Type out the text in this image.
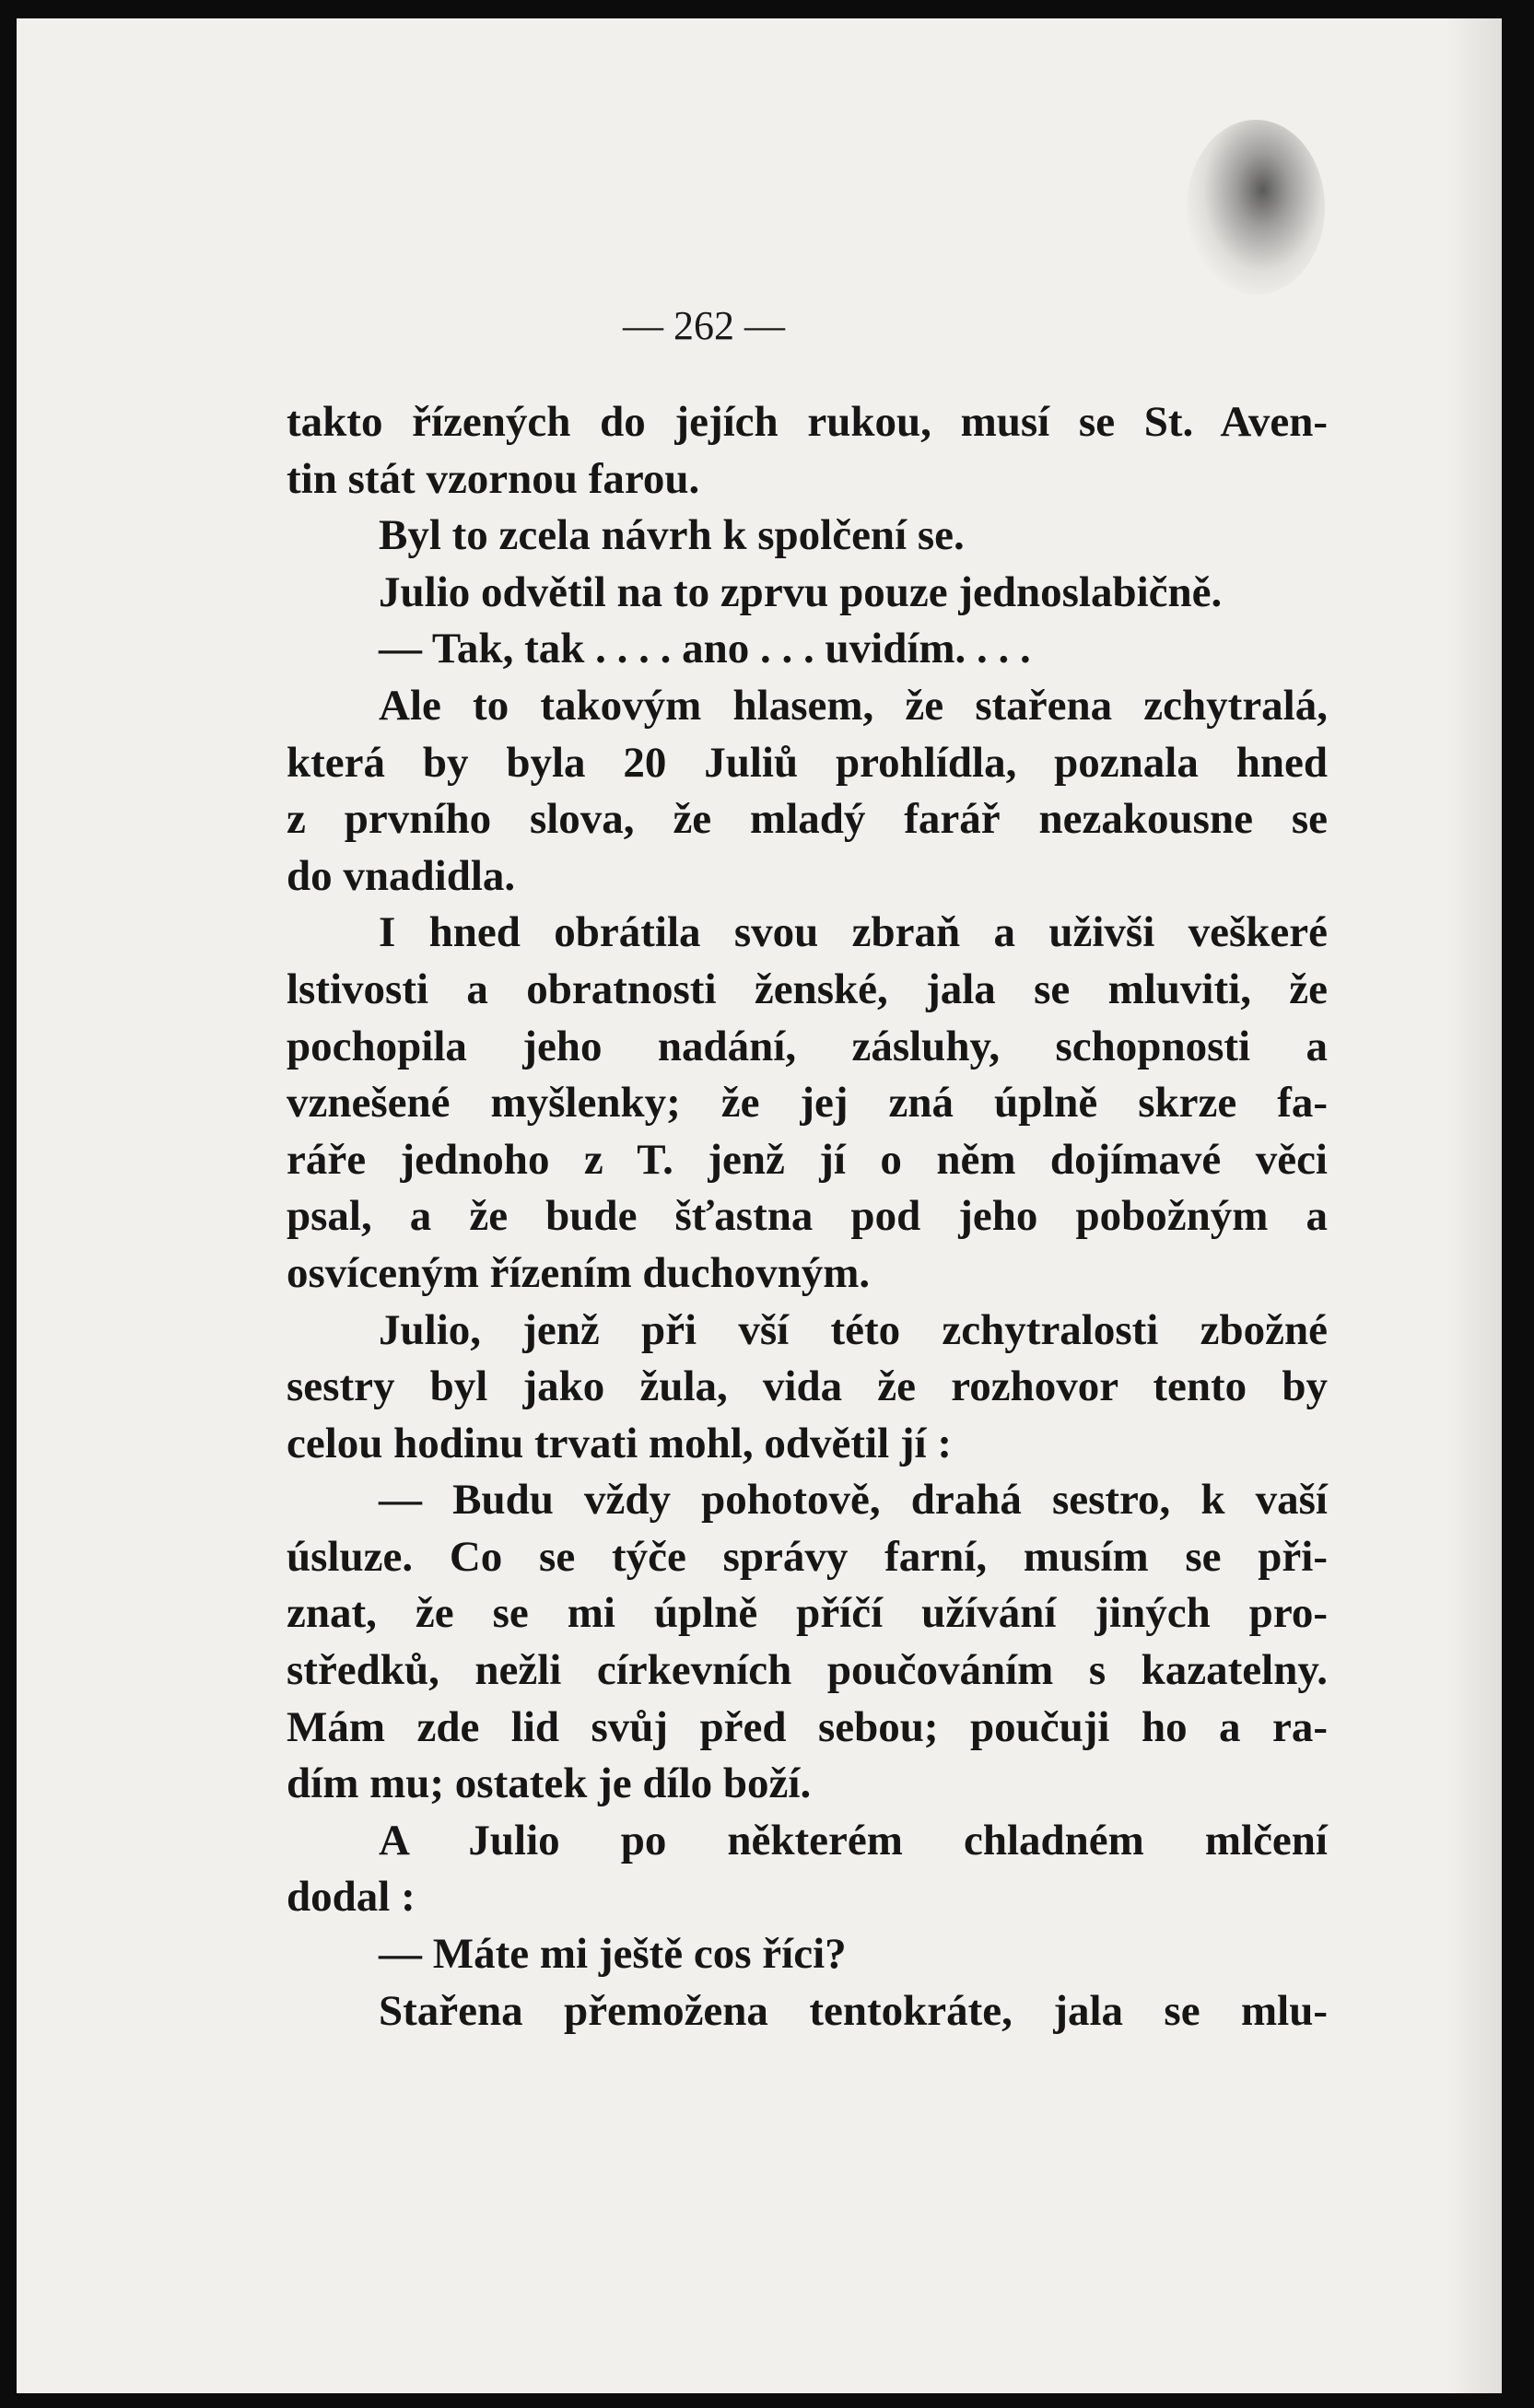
— 262 —
takto řízených do jejích rukou, musí se St. Aven-
tin stát vzornou farou.
Byl to zcela návrh k spolčení se.
Julio odvětil na to zprvu pouze jednoslabičně.
— Tak, tak . . . . ano . . . uvidím. . . .
Ale to takovým hlasem, že stařena zchytralá,
která by byla 20 Juliů prohlídla, poznala hned
z prvního slova, že mladý farář nezakousne se
do vnadidla.
I hned obrátila svou zbraň a uživši veškeré
lstivosti a obratnosti ženské, jala se mluviti, že
pochopila jeho nadání, zásluhy, schopnosti a
vznešené myšlenky; že jej zná úplně skrze fa-
ráře jednoho z T. jenž jí o něm dojímavé věci
psal, a že bude šťastna pod jeho pobožným a
osvíceným řízením duchovným.
Julio, jenž při vší této zchytralosti zbožné
sestry byl jako žula, vida že rozhovor tento by
celou hodinu trvati mohl, odvětil jí :
— Budu vždy pohotově, drahá sestro, k vaší
úsluze. Co se týče správy farní, musím se při-
znat, že se mi úplně příčí užívání jiných pro-
středků, nežli církevních poučováním s kazatelny.
Mám zde lid svůj před sebou; poučuji ho a ra-
dím mu; ostatek je dílo boží.
A Julio po některém chladném mlčení
dodal :
— Máte mi ještě cos říci?
Stařena přemožena tentokráte, jala se mlu-
